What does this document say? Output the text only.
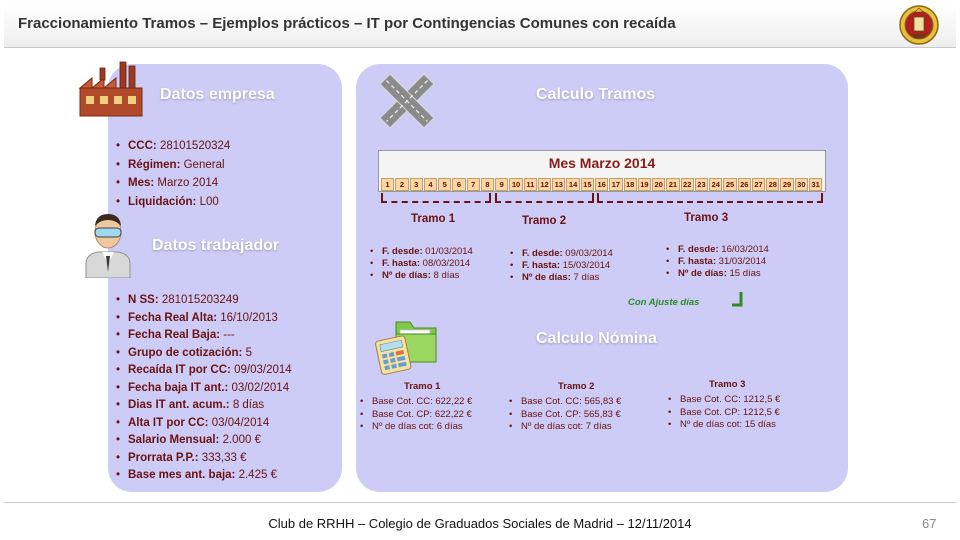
Fraccionamiento Tramos – Ejemplos prácticos – IT por Contingencias Comunes con recaída
Datos empresa
• CCC: 28101520324
• Régimen: General
• Mes: Marzo 2014
• Liquidación: L00
Datos trabajador
• N SS: 281015203249
• Fecha Real Alta: 16/10/2013
• Fecha Real Baja: ---
• Grupo de cotización: 5
• Recaída IT por CC: 09/03/2014
• Fecha baja IT ant.: 03/02/2014
• Dias IT ant. acum.: 8 días
• Alta IT por CC: 03/04/2014
• Salario Mensual: 2.000 €
• Prorrata P.P.: 333,33 €
• Base mes ant. baja: 2.425 €
Calculo Tramos
Mes Marzo 2014
1	2	3	4	5	6	7	8	9	10 11 12 13 14 15 16 17 18 19 20 21 22 23 24 25 26 27 28 29 30 31
Tramo 1	Tramo 2	Tramo 3
• F. desde: 01/03/2014
• F. hasta: 08/03/2014
• Nº de días: 8 días
• F. desde: 09/03/2014
• F. hasta: 15/03/2014
• Nº de días: 7 días
• F. desde: 16/03/2014
• F. hasta: 31/03/2014
• Nº de días: 15 días
Con Ajuste días
Calculo Nómina
Tramo 1	Tramo 2	Tramo 3
• Base Cot. CC: 622,22 €
• Base Cot. CP: 622,22 €
• Nº de días cot: 6 días
• Base Cot. CC: 565,83 €
• Base Cot. CP: 565,83 €
• Nº de días cot: 7 días
• Base Cot. CC: 1212,5 €
• Base Cot. CP: 1212,5 €
• Nº de días cot: 15 días
Club de RRHH – Colegio de Graduados Sociales de Madrid – 12/11/2014	67
